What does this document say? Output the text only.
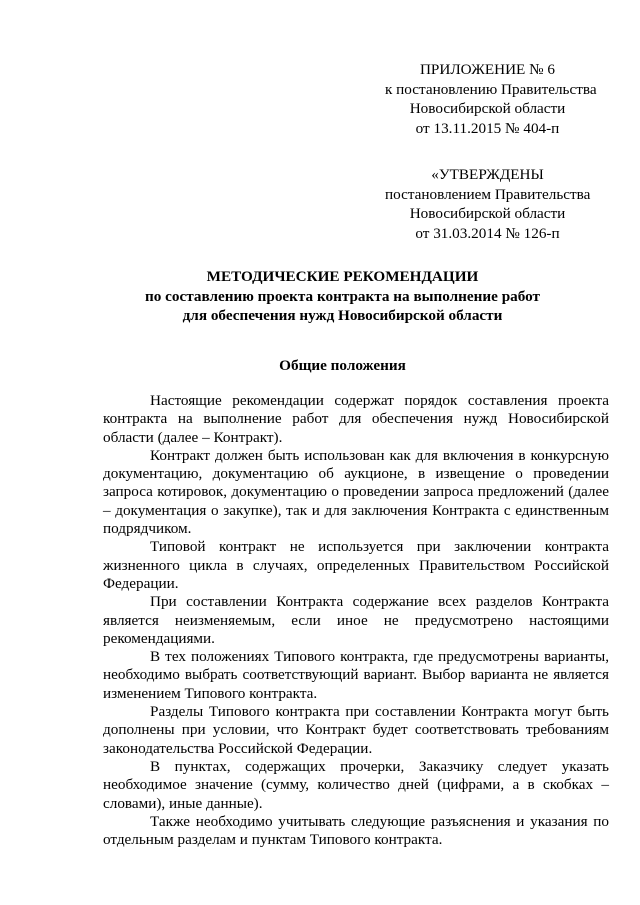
ПРИЛОЖЕНИЕ № 6
к постановлению Правительства
Новосибирской области
от 13.11.2015 № 404-п
«УТВЕРЖДЕНЫ
постановлением Правительства
Новосибирской области
от 31.03.2014 № 126-п
МЕТОДИЧЕСКИЕ РЕКОМЕНДАЦИИ
по составлению проекта контракта на выполнение работ
для обеспечения нужд Новосибирской области
Общие положения

Настоящие рекомендации содержат порядок составления проекта контракта на выполнение работ для обеспечения нужд Новосибирской области (далее – Контракт).

Контракт должен быть использован как для включения в конкурсную документацию, документацию об аукционе, в извещение о проведении запроса котировок, документацию о проведении запроса предложений (далее – документация о закупке), так и для заключения Контракта с единственным подрядчиком.

Типовой контракт не используется при заключении контракта жизненного цикла в случаях, определенных Правительством Российской Федерации.

При составлении Контракта содержание всех разделов Контракта является неизменяемым, если иное не предусмотрено настоящими рекомендациями.

В тех положениях Типового контракта, где предусмотрены варианты, необходимо выбрать соответствующий вариант. Выбор варианта не является изменением Типового контракта.

Разделы Типового контракта при составлении Контракта могут быть дополнены при условии, что Контракт будет соответствовать требованиям законодательства Российской Федерации.

В пунктах, содержащих прочерки, Заказчику следует указать необходимое значение (сумму, количество дней (цифрами, а в скобках – словами), иные данные).

Также необходимо учитывать следующие разъяснения и указания по отдельным разделам и пунктам Типового контракта.
